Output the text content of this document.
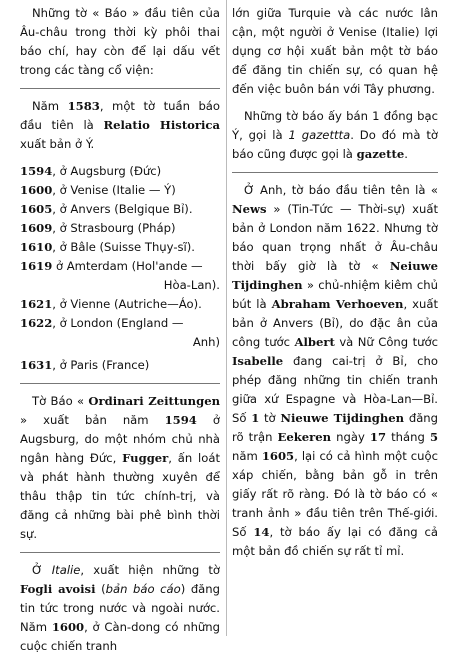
Những tờ « Báo » đầu tiên của Âu-châu trong thời kỳ phôi thai báo chí, hay còn để lại dấu vết trong các tàng cổ viện:

Năm 1583, một tờ tuần báo đầu tiên là Relatio Historica xuất bản ở Ý.

1594, ở Augsburg (Đức)
1600, ở Venise (Italie — Ý)
1605, ở Anvers (Belgique Bỉ).
1609, ở Strasbourg (Pháp)
1610, ở Bâle (Suisse Thụy-sĩ).
1619 ở Amterdam (Hol'ande —
Hòa-Lan).
1621, ở Vienne (Autriche—Áo).
1622, ở London (England —
Anh)
1631, ở Paris (France)

Tờ Báo « Ordinari Zeittungen » xuất bản năm 1594 ở Augsburg, do một nhóm chủ nhà ngân hàng Đức, Fugger, ấn loát và phát hành thường xuyên để thâu thập tin tức chính-trị, và đăng cả những bài phê bình thời sự.

Ở Italie, xuất hiện những tờ Fogli avoisi (bản báo cáo) đăng tin tức trong nước và ngoài nước. Năm 1600, ở Càn-dong có những cuộc chiến tranh

lớn giữa Turquie và các nước lân cận, một người ở Venise (Italie) lợi dụng cơ hội xuất bản một tờ báo để đăng tin chiến sự, có quan hệ đến việc buôn bán với Tây phương.

Những tờ báo ấy bán 1 đồng bạc Ý, gọi là 1 gazettta. Do đó mà tờ báo cũng được gọi là gazette.

Ở Anh, tờ báo đầu tiên tên là « News » (Tin-Tức — Thời-sự) xuất bản ở London năm 1622. Nhưng tờ báo quan trọng nhất ở Âu-châu thời bấy giờ là tờ « Neiuwe Tijdinghen » chủ-nhiệm kiêm chủ bút là Abraham Verhoeven, xuất bản ở Anvers (Bỉ), do đặc ân của công tước Albert và Nữ Công tước Isabelle đang cai-trị ở Bỉ, cho phép đăng những tin chiến tranh giữa xứ Espagne và Hòa-Lan—Bỉ. Số 1 tờ Nieuwe Tijdinghen đăng rõ trận Eekeren ngày 17 tháng 5 năm 1605, lại có cả hình một cuộc xáp chiến, bằng bản gỗ in trên giấy rất rõ ràng. Đó là tờ báo có « tranh ảnh » đầu tiên trên Thế-giới. Số 14, tờ báo ấy lại có đăng cả một bản đồ chiến sự rất tỉ mỉ.
